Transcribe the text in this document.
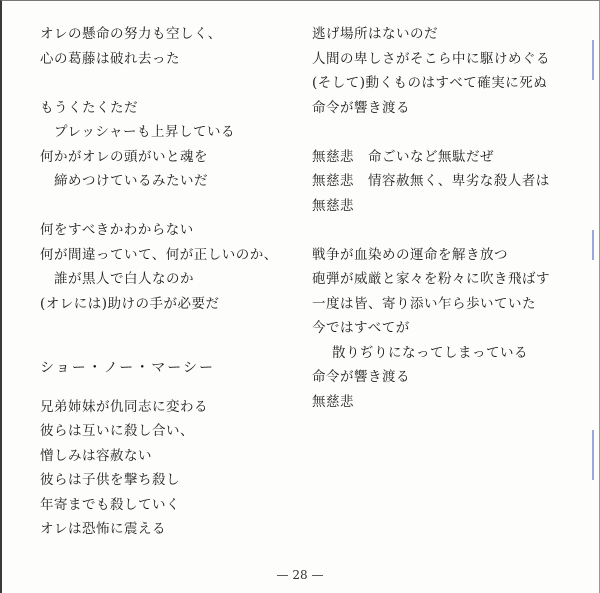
オレの懸命の努力も空しく、
心の葛藤は破れ去った
もうくたくただ
プレッシャーも上昇している
何かがオレの頭がいと魂を
締めつけているみたいだ
何をすべきかわからない
何が間違っていて、何が正しいのか、
誰が黒人で白人なのか
(オレには)助けの手が必要だ
ショー・ノー・マーシー
兄弟姉妹が仇同志に変わる
彼らは互いに殺し合い、
憎しみは容赦ない
彼らは子供を撃ち殺し
年寄までも殺していく
オレは恐怖に震える
逃げ場所はないのだ
人間の卑しさがそこら中に駆けめぐる
(そして)動くものはすべて確実に死ぬ
命令が響き渡る
無慈悲　命ごいなど無駄だぜ
無慈悲　情容赦無く、卑劣な殺人者は
無慈悲
戦争が血染めの運命を解き放つ
砲弾が威厳と家々を粉々に吹き飛ばす
一度は皆、寄り添い乍ら歩いていた
今ではすべてが
散りぢりになってしまっている
命令が響き渡る
無慈悲
— 28 —
